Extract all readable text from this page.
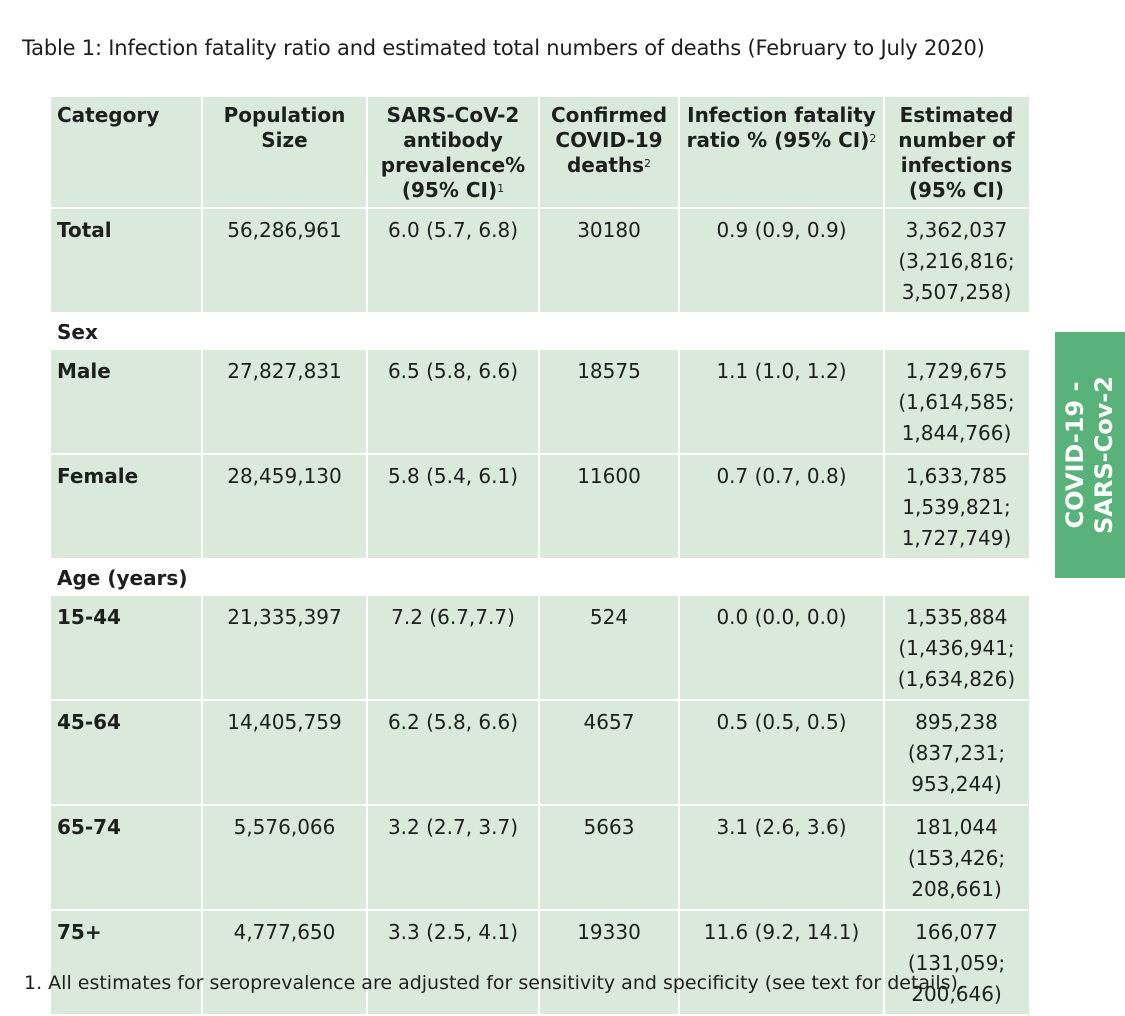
Table 1: Infection fatality ratio and estimated total numbers of deaths (February to July 2020)
Category	Population Size	SARS-CoV-2 antibody prevalence% (95% CI)$^1$	Confirmed COVID-19 deaths$^2$	Infection fatality ratio % (95% CI)$^2$	Estimated number of infections (95% CI)
Total	56,286,961	6.0 (5.7, 6.8)	30180	0.9 (0.9, 0.9)	3,362,037
(3,216,816;
3,507,258)

Sex					
Male	27,827,831	6.5 (5.8, 6.6)	18575	1.1 (1.0, 1.2)	1,729,675
(1,614,585;
1,844,766)

Female	28,459,130	5.8 (5.4, 6.1)	11600	0.7 (0.7, 0.8)	1,633,785
1,539,821;
1,727,749)

Age (years)					
15-44	21,335,397	7.2 (6.7,7.7)	524	0.0 (0.0, 0.0)	1,535,884
(1,436,941;
(1,634,826)

45-64	14,405,759	6.2 (5.8, 6.6)	4657	0.5 (0.5, 0.5)	895,238
(837,231;
953,244)

65-74	5,576,066	3.2 (2.7, 3.7)	5663	3.1 (2.6, 3.6)	181,044
(153,426;
208,661)

75+	4,777,650	3.3 (2.5, 4.1)	19330	11.6 (9.2, 14.1)	166,077
(131,059;
200,646)
COVID-19 - SARS-Cov-2
1. All estimates for seroprevalence are adjusted for sensitivity and specificity (see text for details).
